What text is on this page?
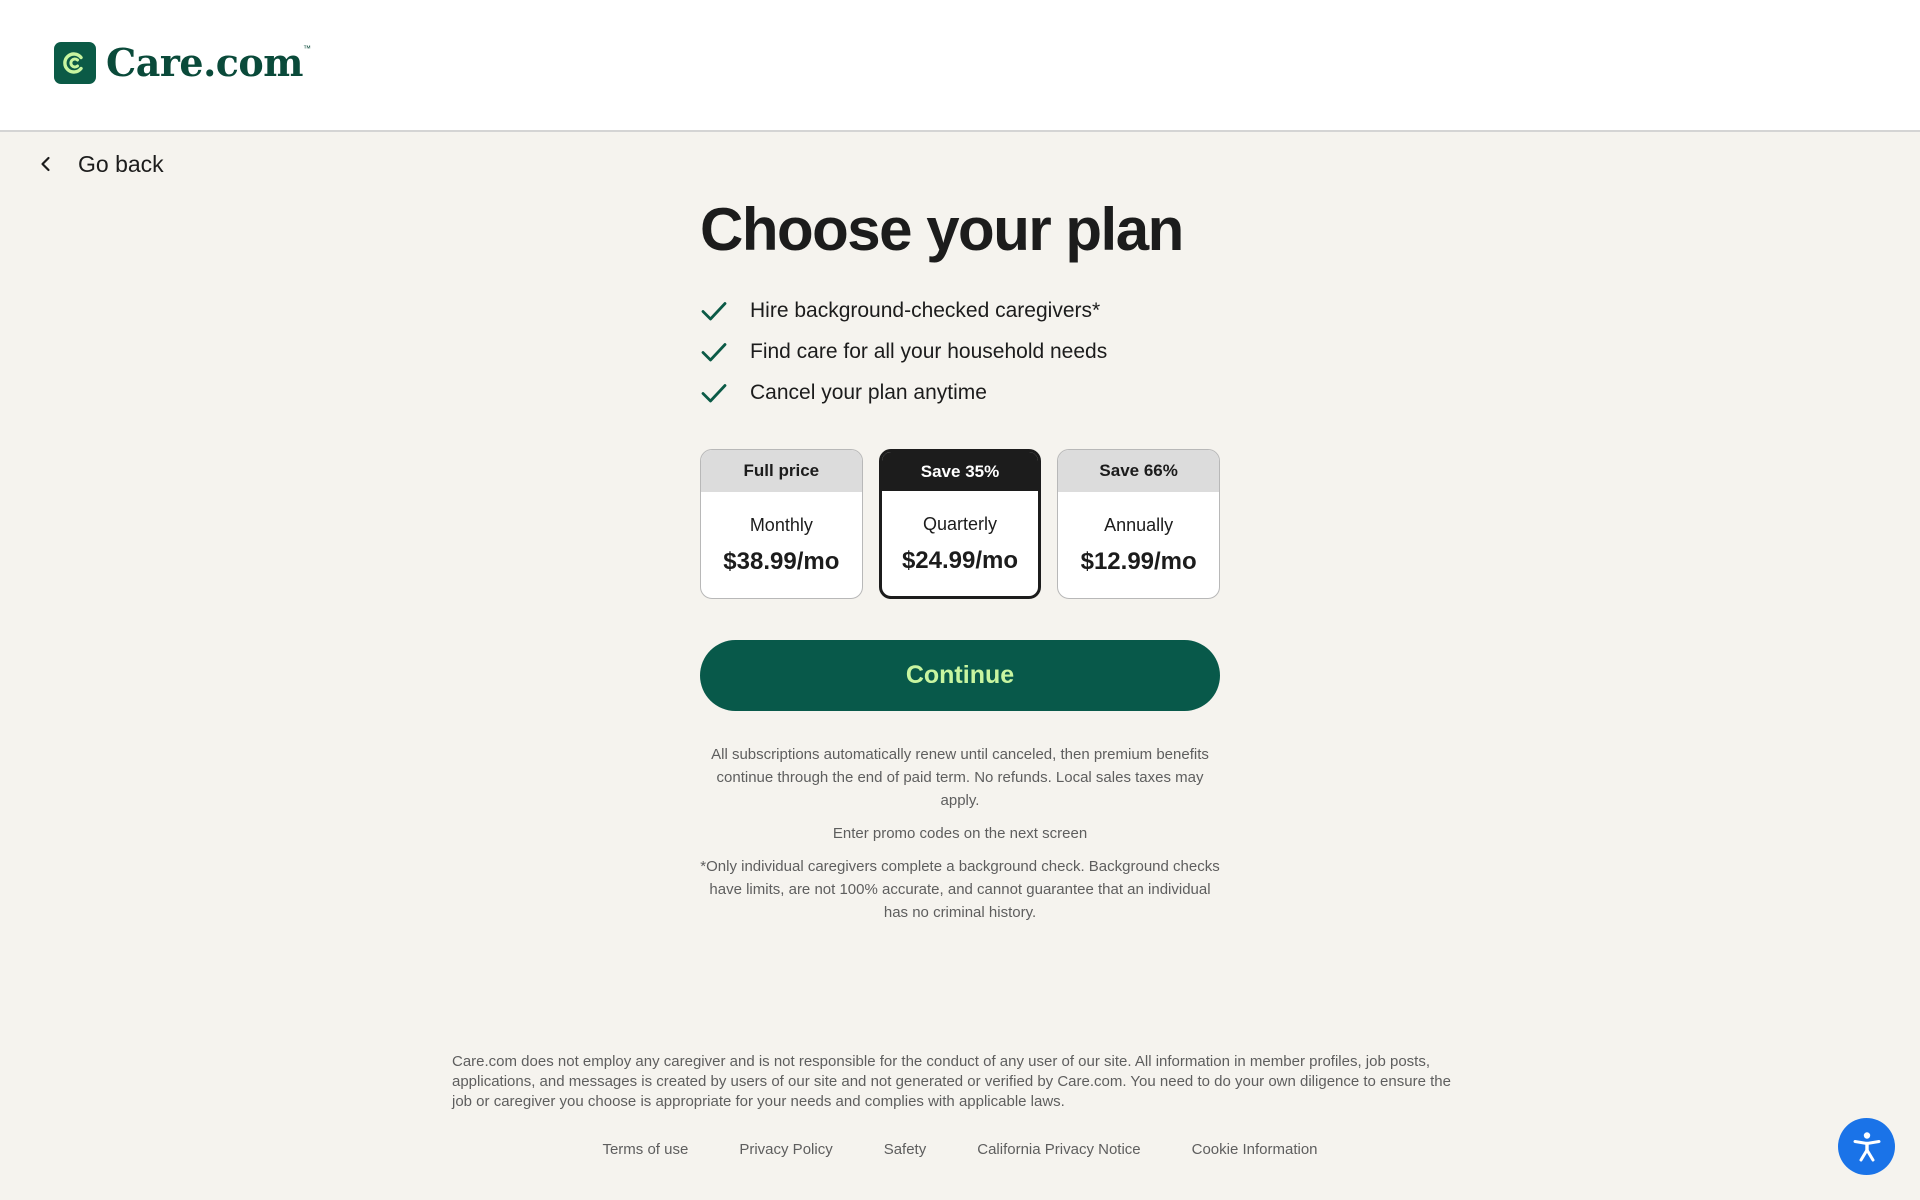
Care.com ™
Go back
Choose your plan
Hire background-checked caregivers*
Find care for all your household needs
Cancel your plan anytime
Full price
Monthly
$38.99/mo
Save 35%
Quarterly
$24.99/mo
Save 66%
Annually
$12.99/mo
Continue

All subscriptions automatically renew until canceled, then premium benefits continue through the end of paid term. No refunds. Local sales taxes may apply.

Enter promo codes on the next screen

*Only individual caregivers complete a background check. Background checks have limits, are not 100% accurate, and cannot guarantee that an individual has no criminal history.

Care.com does not employ any caregiver and is not responsible for the conduct of any user of our site. All information in member profiles, job posts, applications, and messages is created by users of our site and not generated or verified by Care.com. You need to do your own diligence to ensure the job or caregiver you choose is appropriate for your needs and complies with applicable laws.
Terms of use	Privacy Policy	Safety	California Privacy Notice	Cookie Information
